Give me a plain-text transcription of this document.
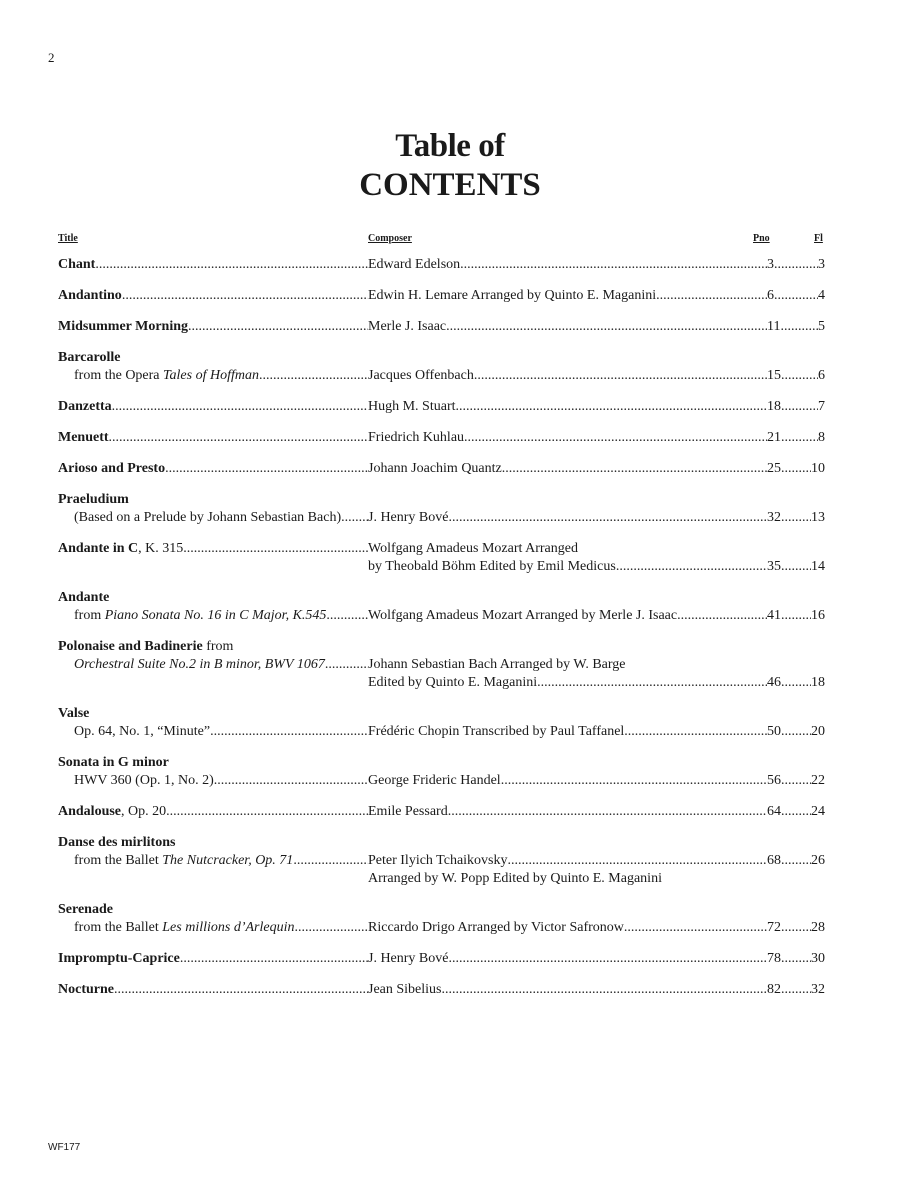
2
Table of
CONTENTS
Title	Composer	Pno	Fl
Chant .....	Edward Edelson .....	3 .....	3
Andantino .....	Edwin H. Lemare Arranged by Quinto E. Maganini .....	6 .....	4
Midsummer Morning .....	Merle J. Isaac .....	11 .....	5
Barcarolle
from the Opera Tales of Hoffman .....	Jacques Offenbach .....	15 .....	6
Danzetta .....	Hugh M. Stuart .....	18 .....	7
Menuett .....	Friedrich Kuhlau .....	21 .....	8
Arioso and Presto .....	Johann Joachim Quantz .....	25 ..... 10
Praeludium
(Based on a Prelude by Johann Sebastian Bach) ..... J. Henry Bové .....	32 ..... 13
Andante in C, K. 315 .....	Wolfgang Amadeus Mozart Arranged
by Theobald Böhm Edited by Emil Medicus .....	35 ..... 14
Andante
from Piano Sonata No. 16 in C Major, K.545 .....	Wolfgang Amadeus Mozart Arranged by Merle J. Isaac .....	41 ..... 16
Polonaise and Badinerie from
Orchestral Suite No.2 in B minor, BWV 1067 .....	Johann Sebastian Bach Arranged by W. Barge
Edited by Quinto E. Maganini .....	46 ..... 18
Valse
Op. 64, No. 1, “Minute” .....	Frédéric Chopin Transcribed by Paul Taffanel .....	50 ..... 20
Sonata in G minor
HWV 360 (Op. 1, No. 2) .....	George Frideric Handel .....	56 ..... 22
Andalouse, Op. 20 .....	Emile Pessard .....	64 ..... 24
Danse des mirlitons
from the Ballet The Nutcracker, Op. 71 .....	Peter Ilyich Tchaikovsky .....	68 ..... 26
Arranged by W. Popp Edited by Quinto E. Maganini
Serenade
from the Ballet Les millions d’Arlequin .....	Riccardo Drigo Arranged by Victor Safronow .....	72 ..... 28
Impromptu-Caprice .....	J. Henry Bové .....	78 ..... 30
Nocturne .....	Jean Sibelius .....	82 ..... 32
WF177
